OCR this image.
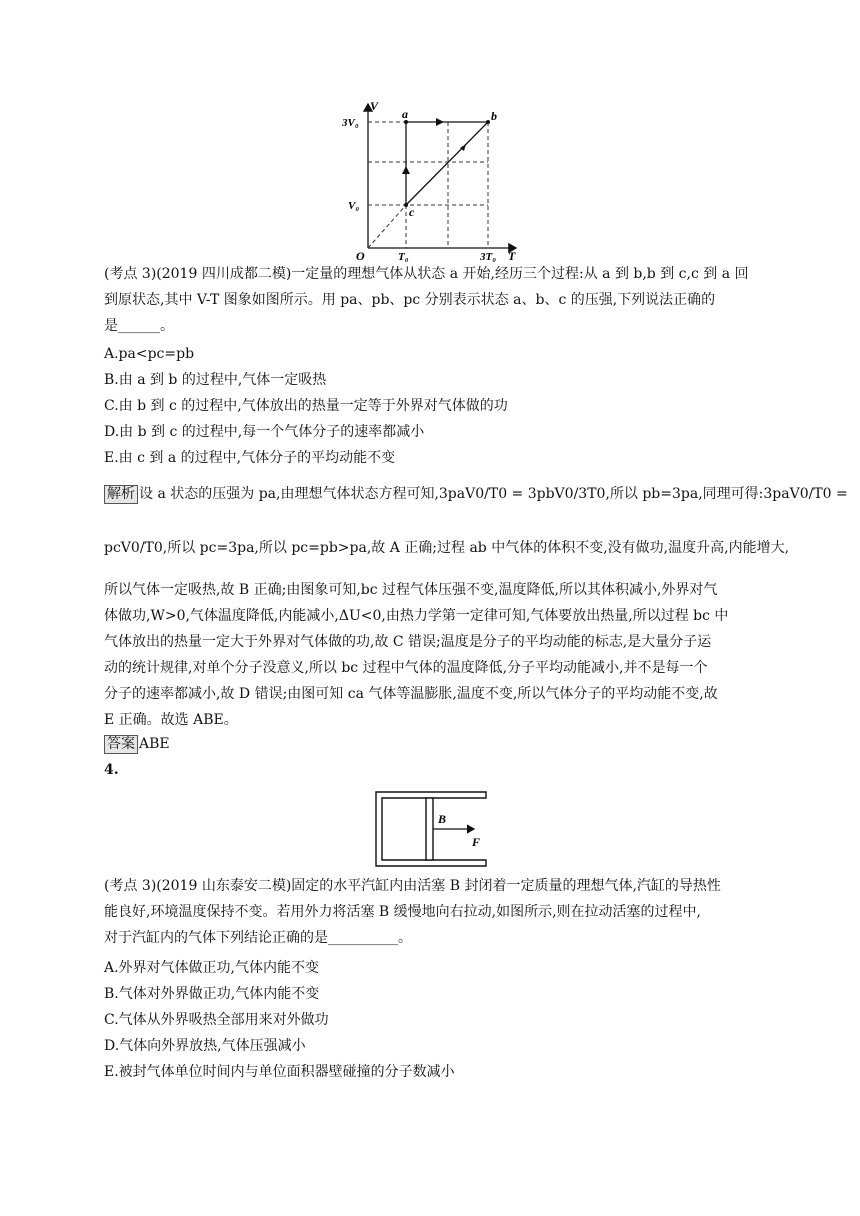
V
T
O
3V₀
V₀
T₀	3T₀
a	b
c
(考点 3)(2019 四川成都二模)一定量的理想气体从状态 a 开始,经历三个过程:从 a 到 b,b 到 c,c 到 a 回
到原状态,其中 V-T 图象如图所示。用 pa、pb、pc 分别表示状态 a、b、c 的压强,下列说法正确的
是______。
A.pa<pc=pb
B.由 a 到 b 的过程中,气体一定吸热
C.由 b 到 c 的过程中,气体放出的热量一定等于外界对气体做的功
D.由 b 到 c 的过程中,每一个气体分子的速率都减小
E.由 c 到 a 的过程中,气体分子的平均动能不变
解析 设 a 状态的压强为 pa,由理想气体状态方程可知,3paV0/T0 = 3pbV0/3T0,所以 pb=3pa,同理可得:3paV0/T0 =
pcV0/T0,所以 pc=3pa,所以 pc=pb>pa,故 A 正确;过程 ab 中气体的体积不变,没有做功,温度升高,内能增大,
所以气体一定吸热,故 B 正确;由图象可知,bc 过程气体压强不变,温度降低,所以其体积减小,外界对气
体做功,W>0,气体温度降低,内能减小,ΔU<0,由热力学第一定律可知,气体要放出热量,所以过程 bc 中
气体放出的热量一定大于外界对气体做的功,故 C 错误;温度是分子的平均动能的标志,是大量分子运
动的统计规律,对单个分子没意义,所以 bc 过程中气体的温度降低,分子平均动能减小,并不是每一个
分子的速率都减小,故 D 错误;由图可知 ca 气体等温膨胀,温度不变,所以气体分子的平均动能不变,故
E 正确。故选 ABE。
答案 ABE
4.
B
F
(考点 3)(2019 山东泰安二模)固定的水平汽缸内由活塞 B 封闭着一定质量的理想气体,汽缸的导热性
能良好,环境温度保持不变。若用外力将活塞 B 缓慢地向右拉动,如图所示,则在拉动活塞的过程中,
对于汽缸内的气体下列结论正确的是__________。
A.外界对气体做正功,气体内能不变
B.气体对外界做正功,气体内能不变
C.气体从外界吸热全部用来对外做功
D.气体向外界放热,气体压强减小
E.被封气体单位时间内与单位面积器壁碰撞的分子数减小
